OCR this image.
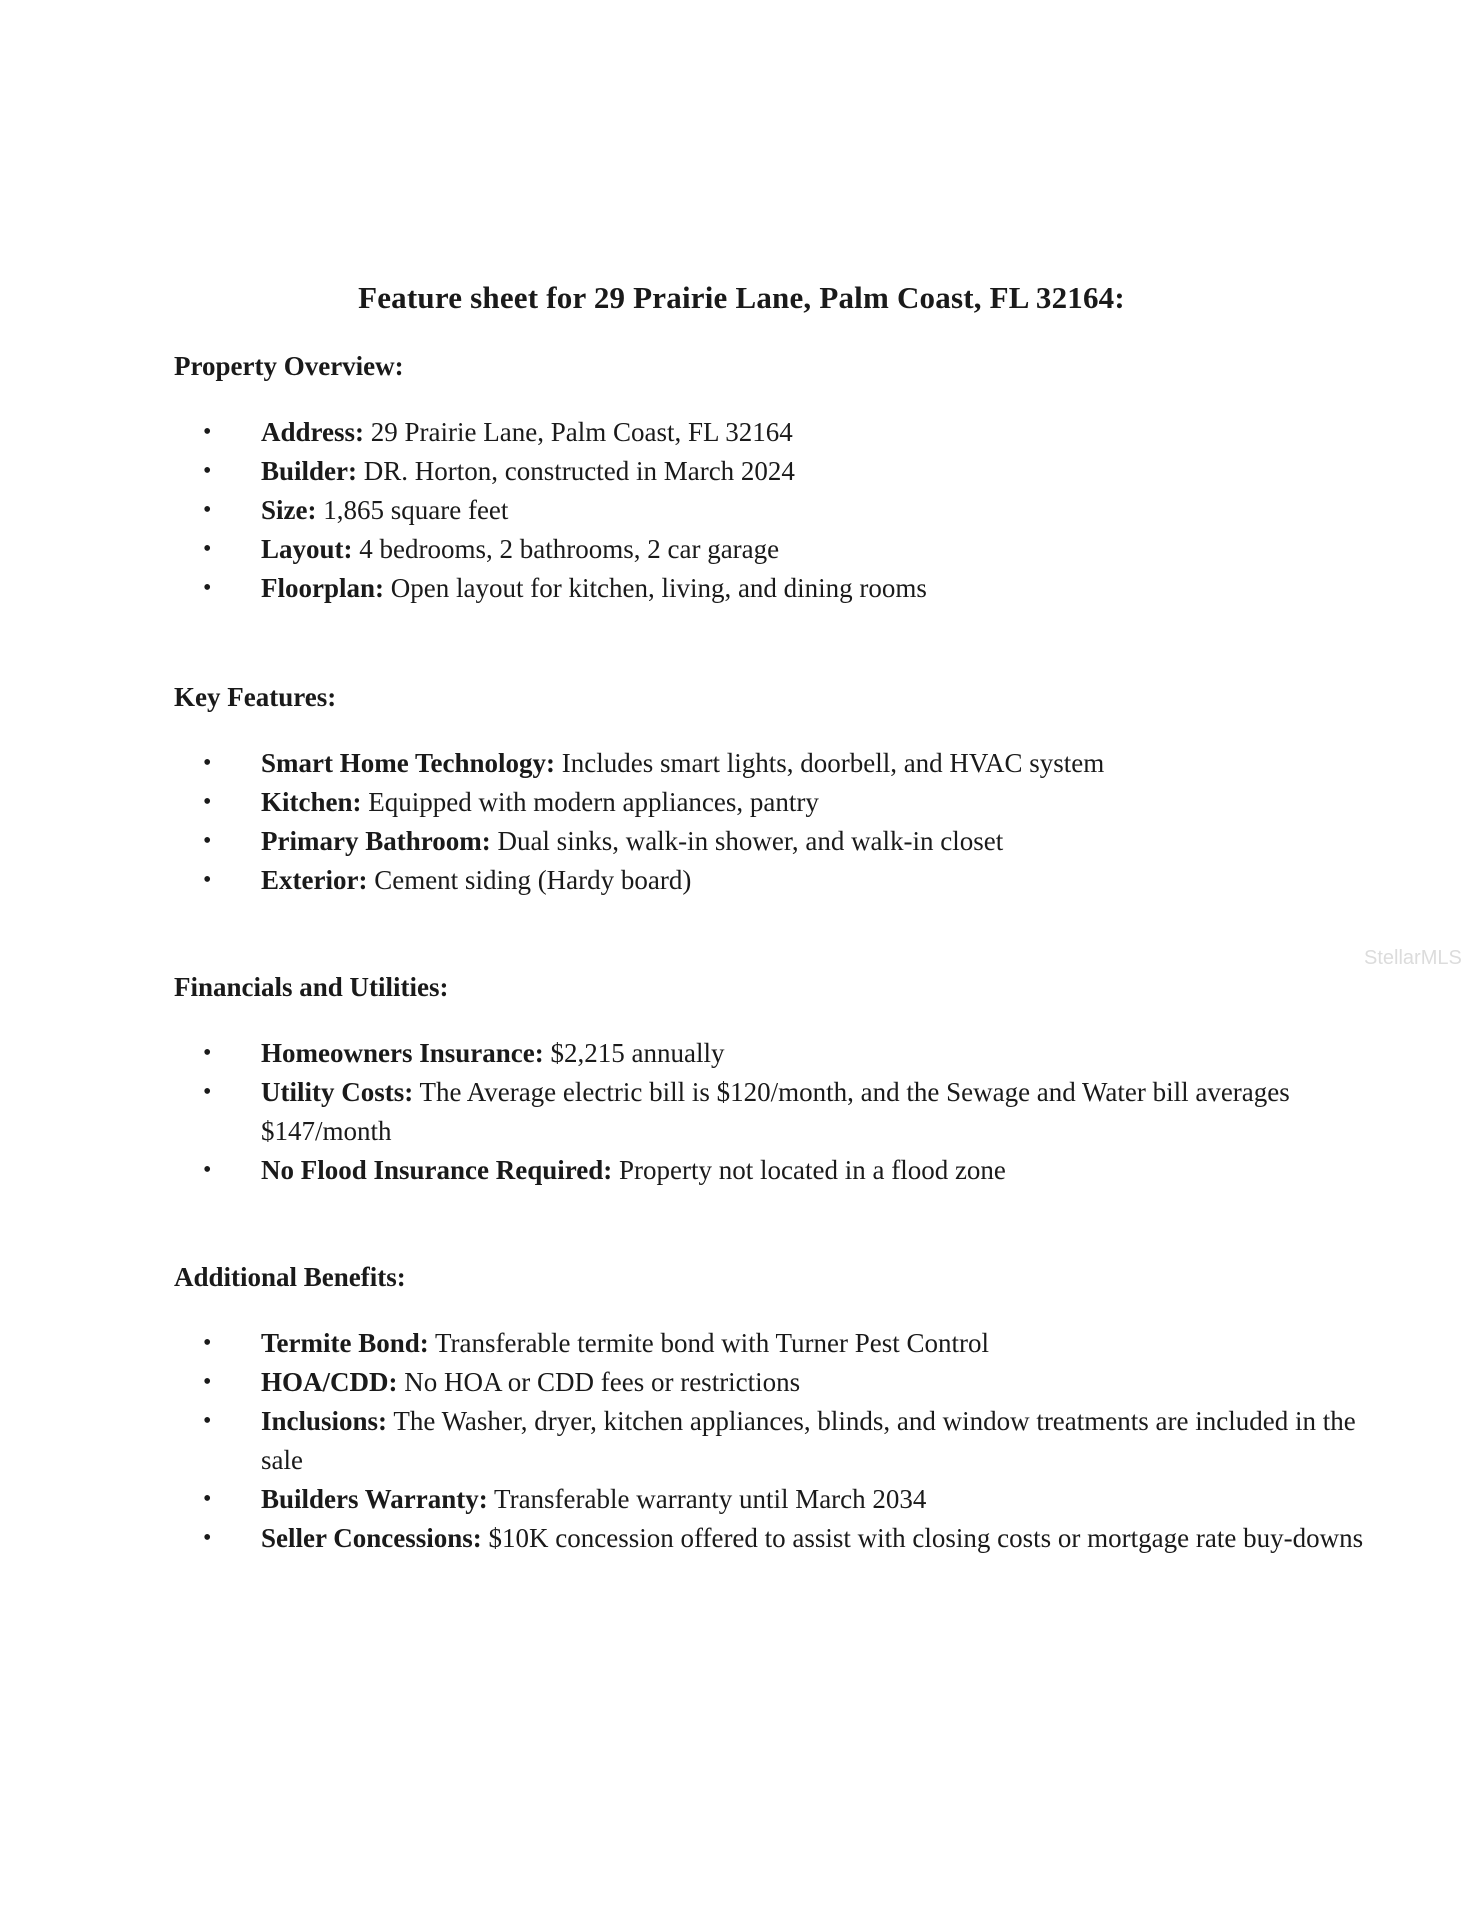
Feature sheet for 29 Prairie Lane, Palm Coast, FL 32164:
Property Overview:
• Address: 29 Prairie Lane, Palm Coast, FL 32164
• Builder: DR. Horton, constructed in March 2024
• Size: 1,865 square feet
• Layout: 4 bedrooms, 2 bathrooms, 2 car garage
• Floorplan: Open layout for kitchen, living, and dining rooms
Key Features:
• Smart Home Technology: Includes smart lights, doorbell, and HVAC system
• Kitchen: Equipped with modern appliances, pantry
• Primary Bathroom: Dual sinks, walk-in shower, and walk-in closet
• Exterior: Cement siding (Hardy board)
Financials and Utilities:
• Homeowners Insurance: $2,215 annually
• Utility Costs: The Average electric bill is $120/month, and the Sewage and Water bill averages $147/month
• No Flood Insurance Required: Property not located in a flood zone
Additional Benefits:
• Termite Bond: Transferable termite bond with Turner Pest Control
• HOA/CDD: No HOA or CDD fees or restrictions
• Inclusions: The Washer, dryer, kitchen appliances, blinds, and window treatments are included in the sale
• Builders Warranty: Transferable warranty until March 2034
• Seller Concessions: $10K concession offered to assist with closing costs or mortgage rate buy-downs
StellarMLS
